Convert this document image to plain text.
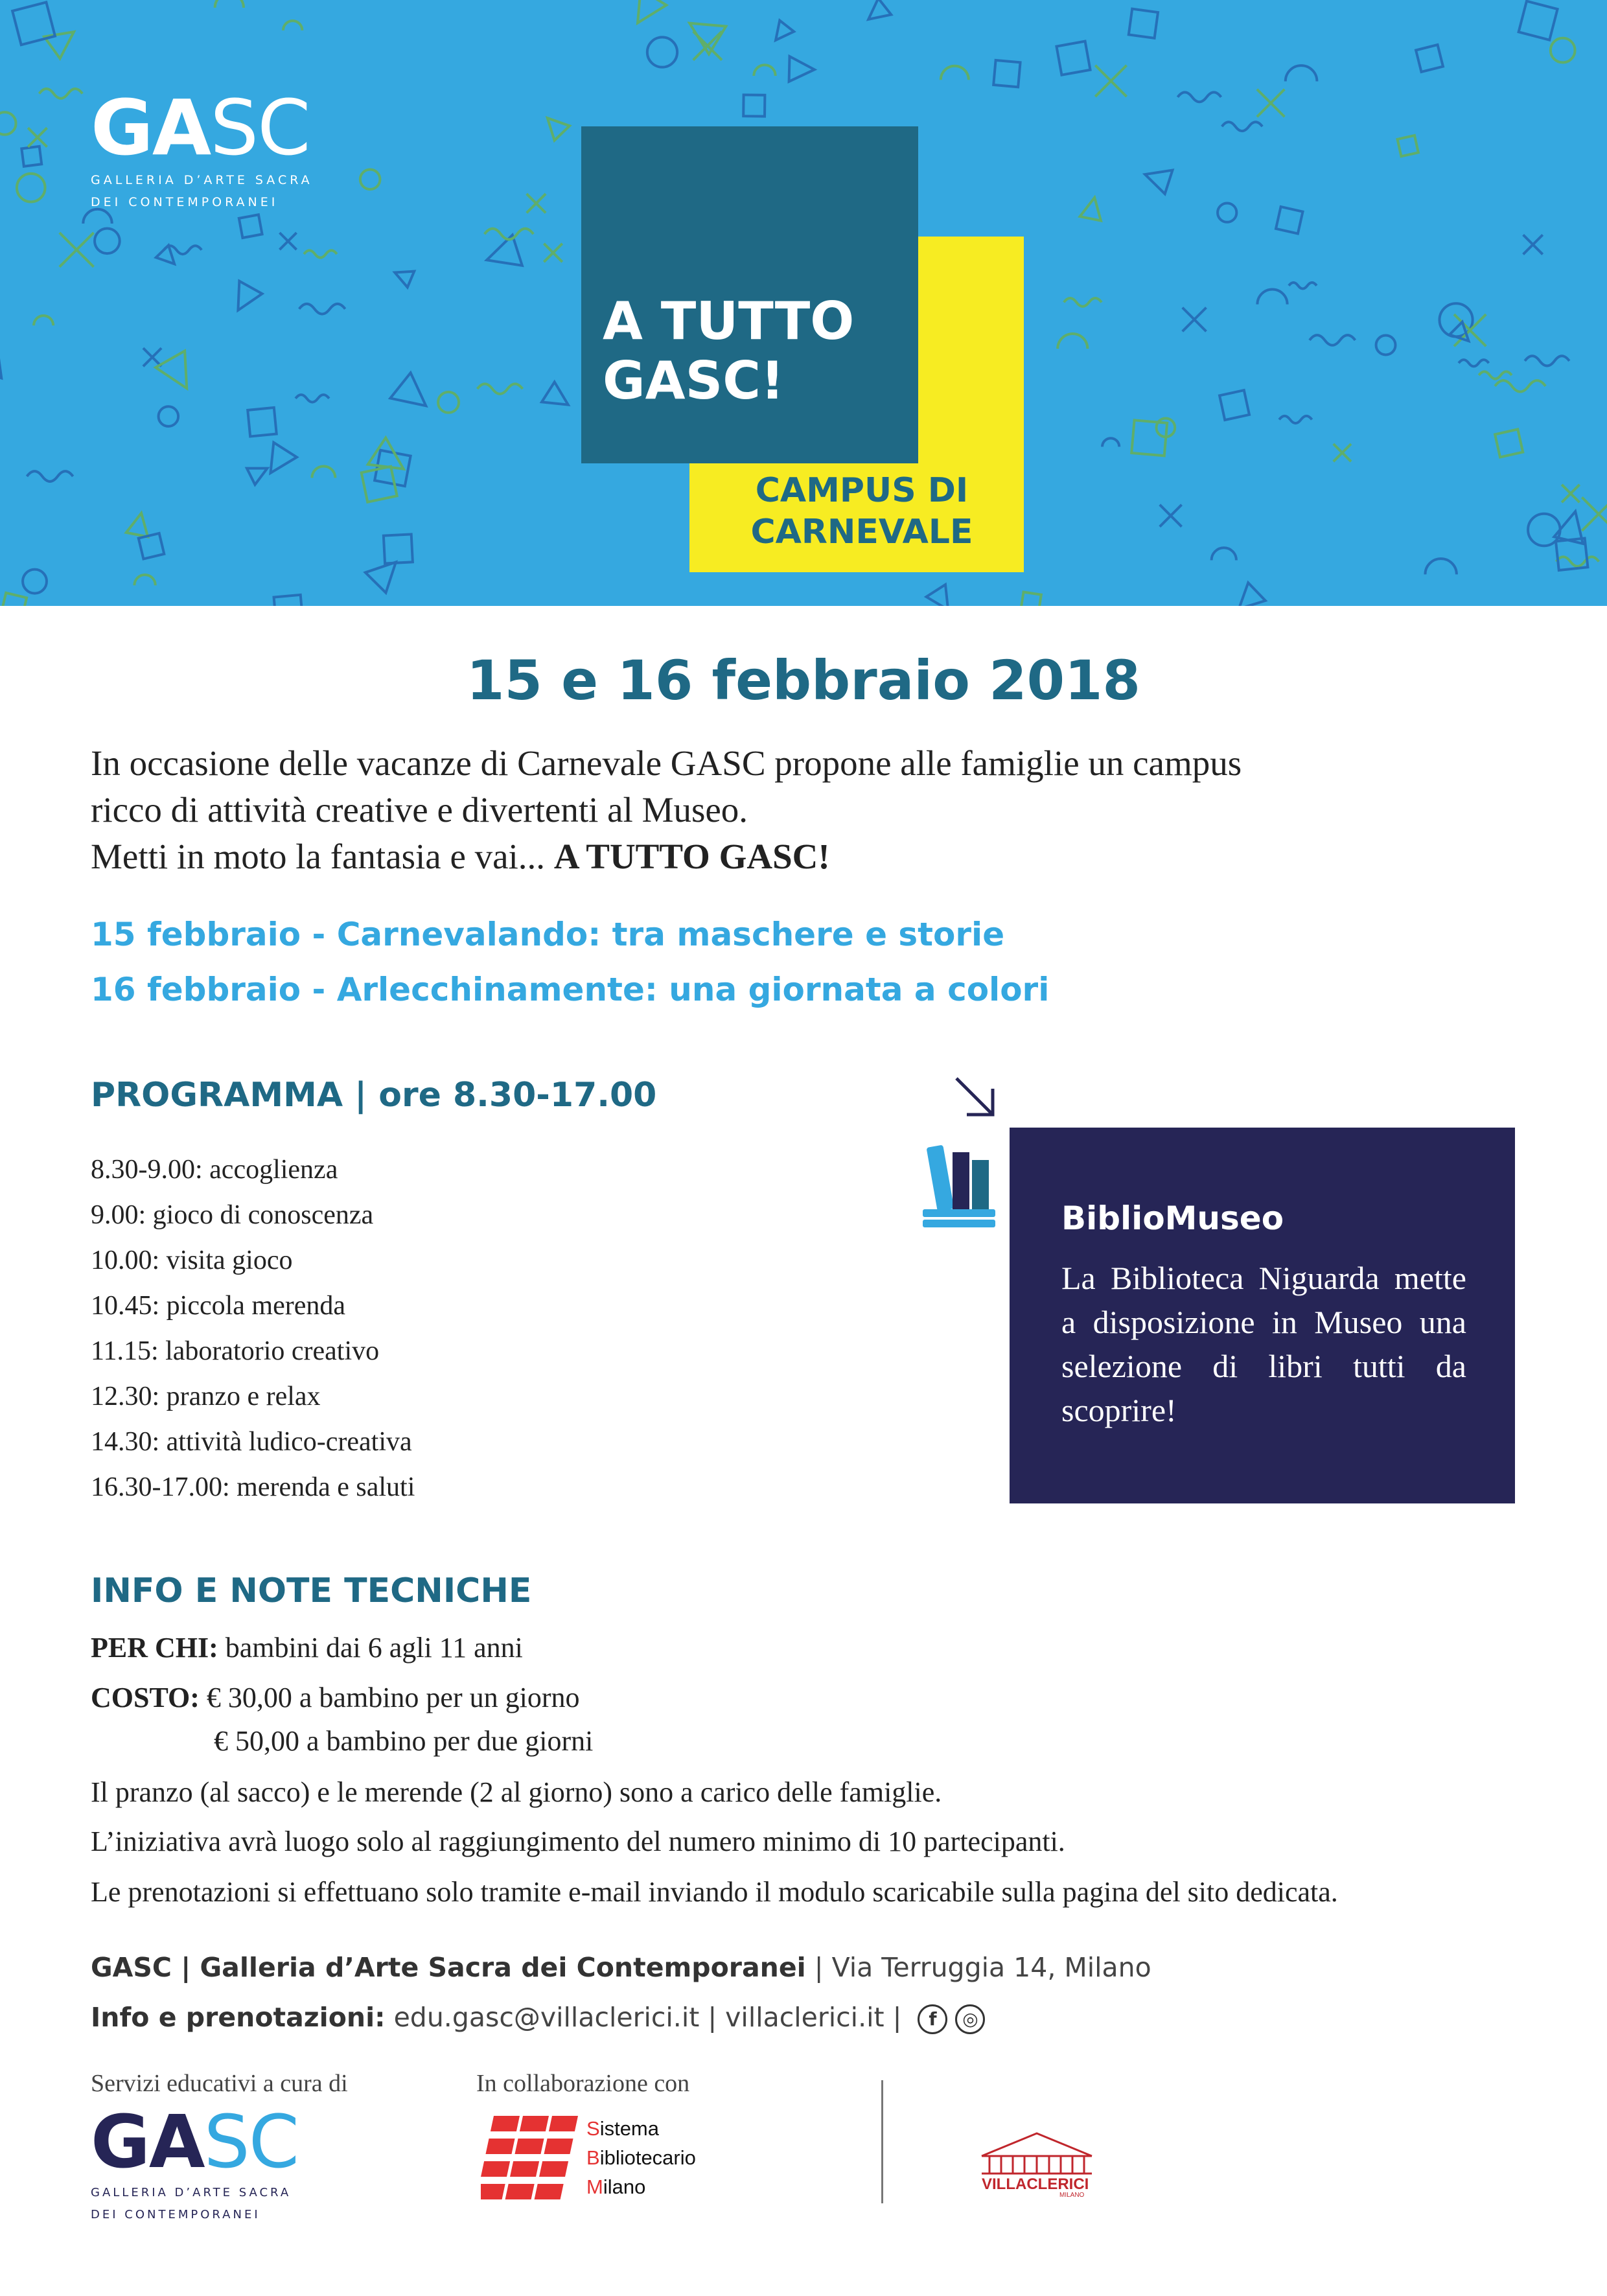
GASC
GALLERIA D’ARTE SACRA
DEI CONTEMPORANEI
A TUTTO
GASC!
CAMPUS DI
CARNEVALE
15 e 16 febbraio 2018
In occasione delle vacanze di Carnevale GASC propone alle famiglie un campus
ricco di attività creative e divertenti al Museo.
Metti in moto la fantasia e vai... A TUTTO GASC!
15 febbraio - Carnevalando: tra maschere e storie
16 febbraio - Arlecchinamente: una giornata a colori
PROGRAMMA | ore 8.30-17.00
8.30-9.00: accoglienza
9.00: gioco di conoscenza
10.00: visita gioco
10.45: piccola merenda
11.15: laboratorio creativo
12.30: pranzo e relax
14.30: attività ludico-creativa
16.30-17.00: merenda e saluti
BiblioMuseo
La Biblioteca Niguarda mette a disposizione in Museo una selezione di libri tutti da scoprire!
INFO E NOTE TECNICHE
PER CHI: bambini dai 6 agli 11 anni
COSTO: € 30,00 a bambino per un giorno
€ 50,00 a bambino per due giorni
Il pranzo (al sacco) e le merende (2 al giorno) sono a carico delle famiglie.
L’iniziativa avrà luogo solo al raggiungimento del numero minimo di 10 partecipanti.
Le prenotazioni si effettuano solo tramite e-mail inviando il modulo scaricabile sulla pagina del sito dedicata.
GASC | Galleria d’Arte Sacra dei Contemporanei | Via Terruggia 14, Milano
Info e prenotazioni: edu.gasc@villaclerici.it | villaclerici.it | f ◎
Servizi educativi a cura di	In collaborazione con
GASC
GALLERIA D’ARTE SACRA
DEI CONTEMPORANEI
Sistema
Bibliotecario
Milano	VILLACLERICI
MILANO
